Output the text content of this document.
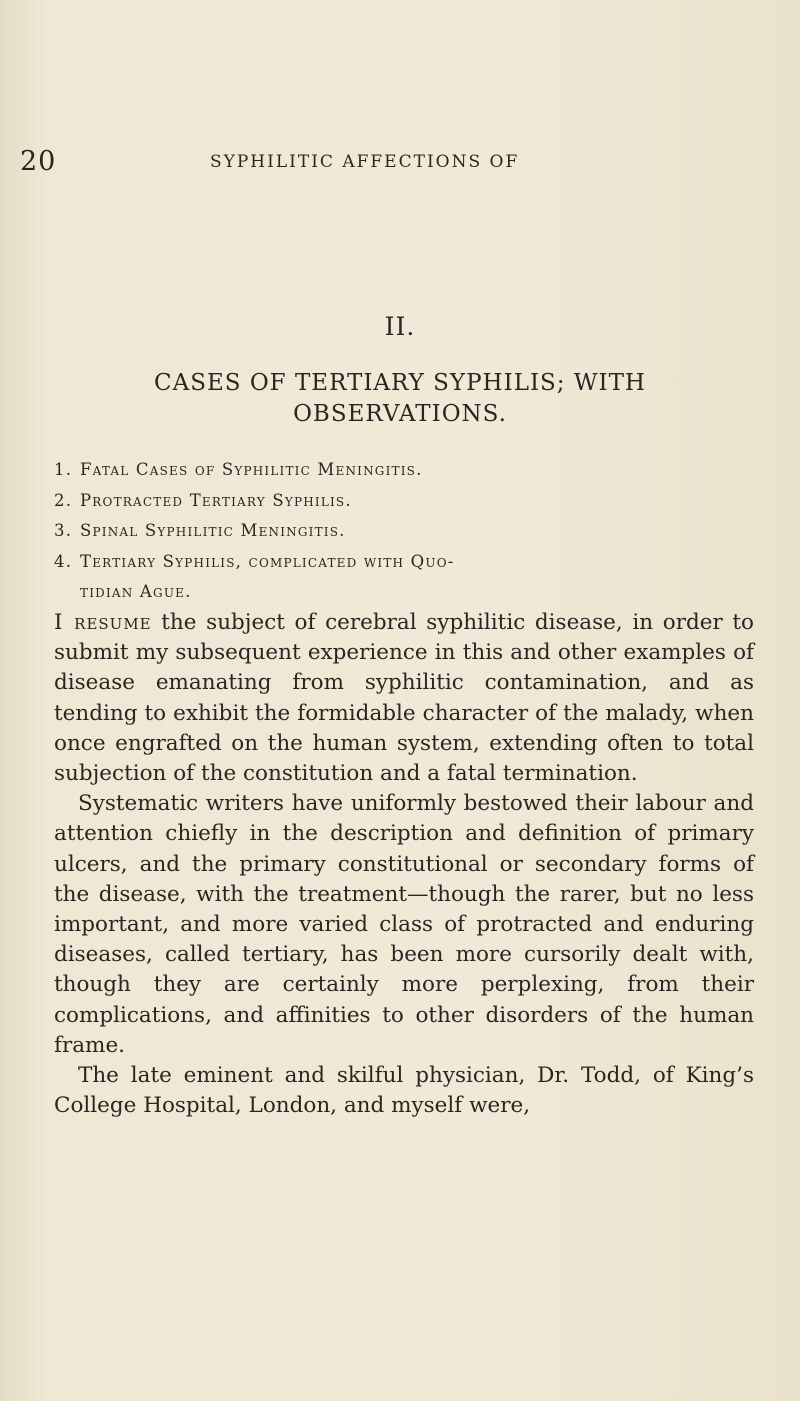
20	SYPHILITIC AFFECTIONS OF
II.
CASES OF TERTIARY SYPHILIS; WITH
OBSERVATIONS.
1. Fatal Cases of Syphilitic Meningitis.
2. Protracted Tertiary Syphilis.
3. Spinal Syphilitic Meningitis.
4. Tertiary Syphilis, complicated with Quo-
tidian Ague.

I resume the subject of cerebral syphilitic disease, in order to submit my subsequent experience in this and other examples of disease emanating from syphilitic contamination, and as tending to exhibit the formidable character of the malady, when once engrafted on the human system, extending often to total subjection of the constitution and a fatal termination.

Systematic writers have uniformly bestowed their labour and attention chiefly in the description and definition of primary ulcers, and the primary constitutional or secondary forms of the disease, with the treatment—though the rarer, but no less important, and more varied class of protracted and enduring diseases, called tertiary, has been more cursorily dealt with, though they are certainly more perplexing, from their complications, and affinities to other disorders of the human frame.

The late eminent and skilful physician, Dr. Todd, of King’s College Hospital, London, and myself were,
